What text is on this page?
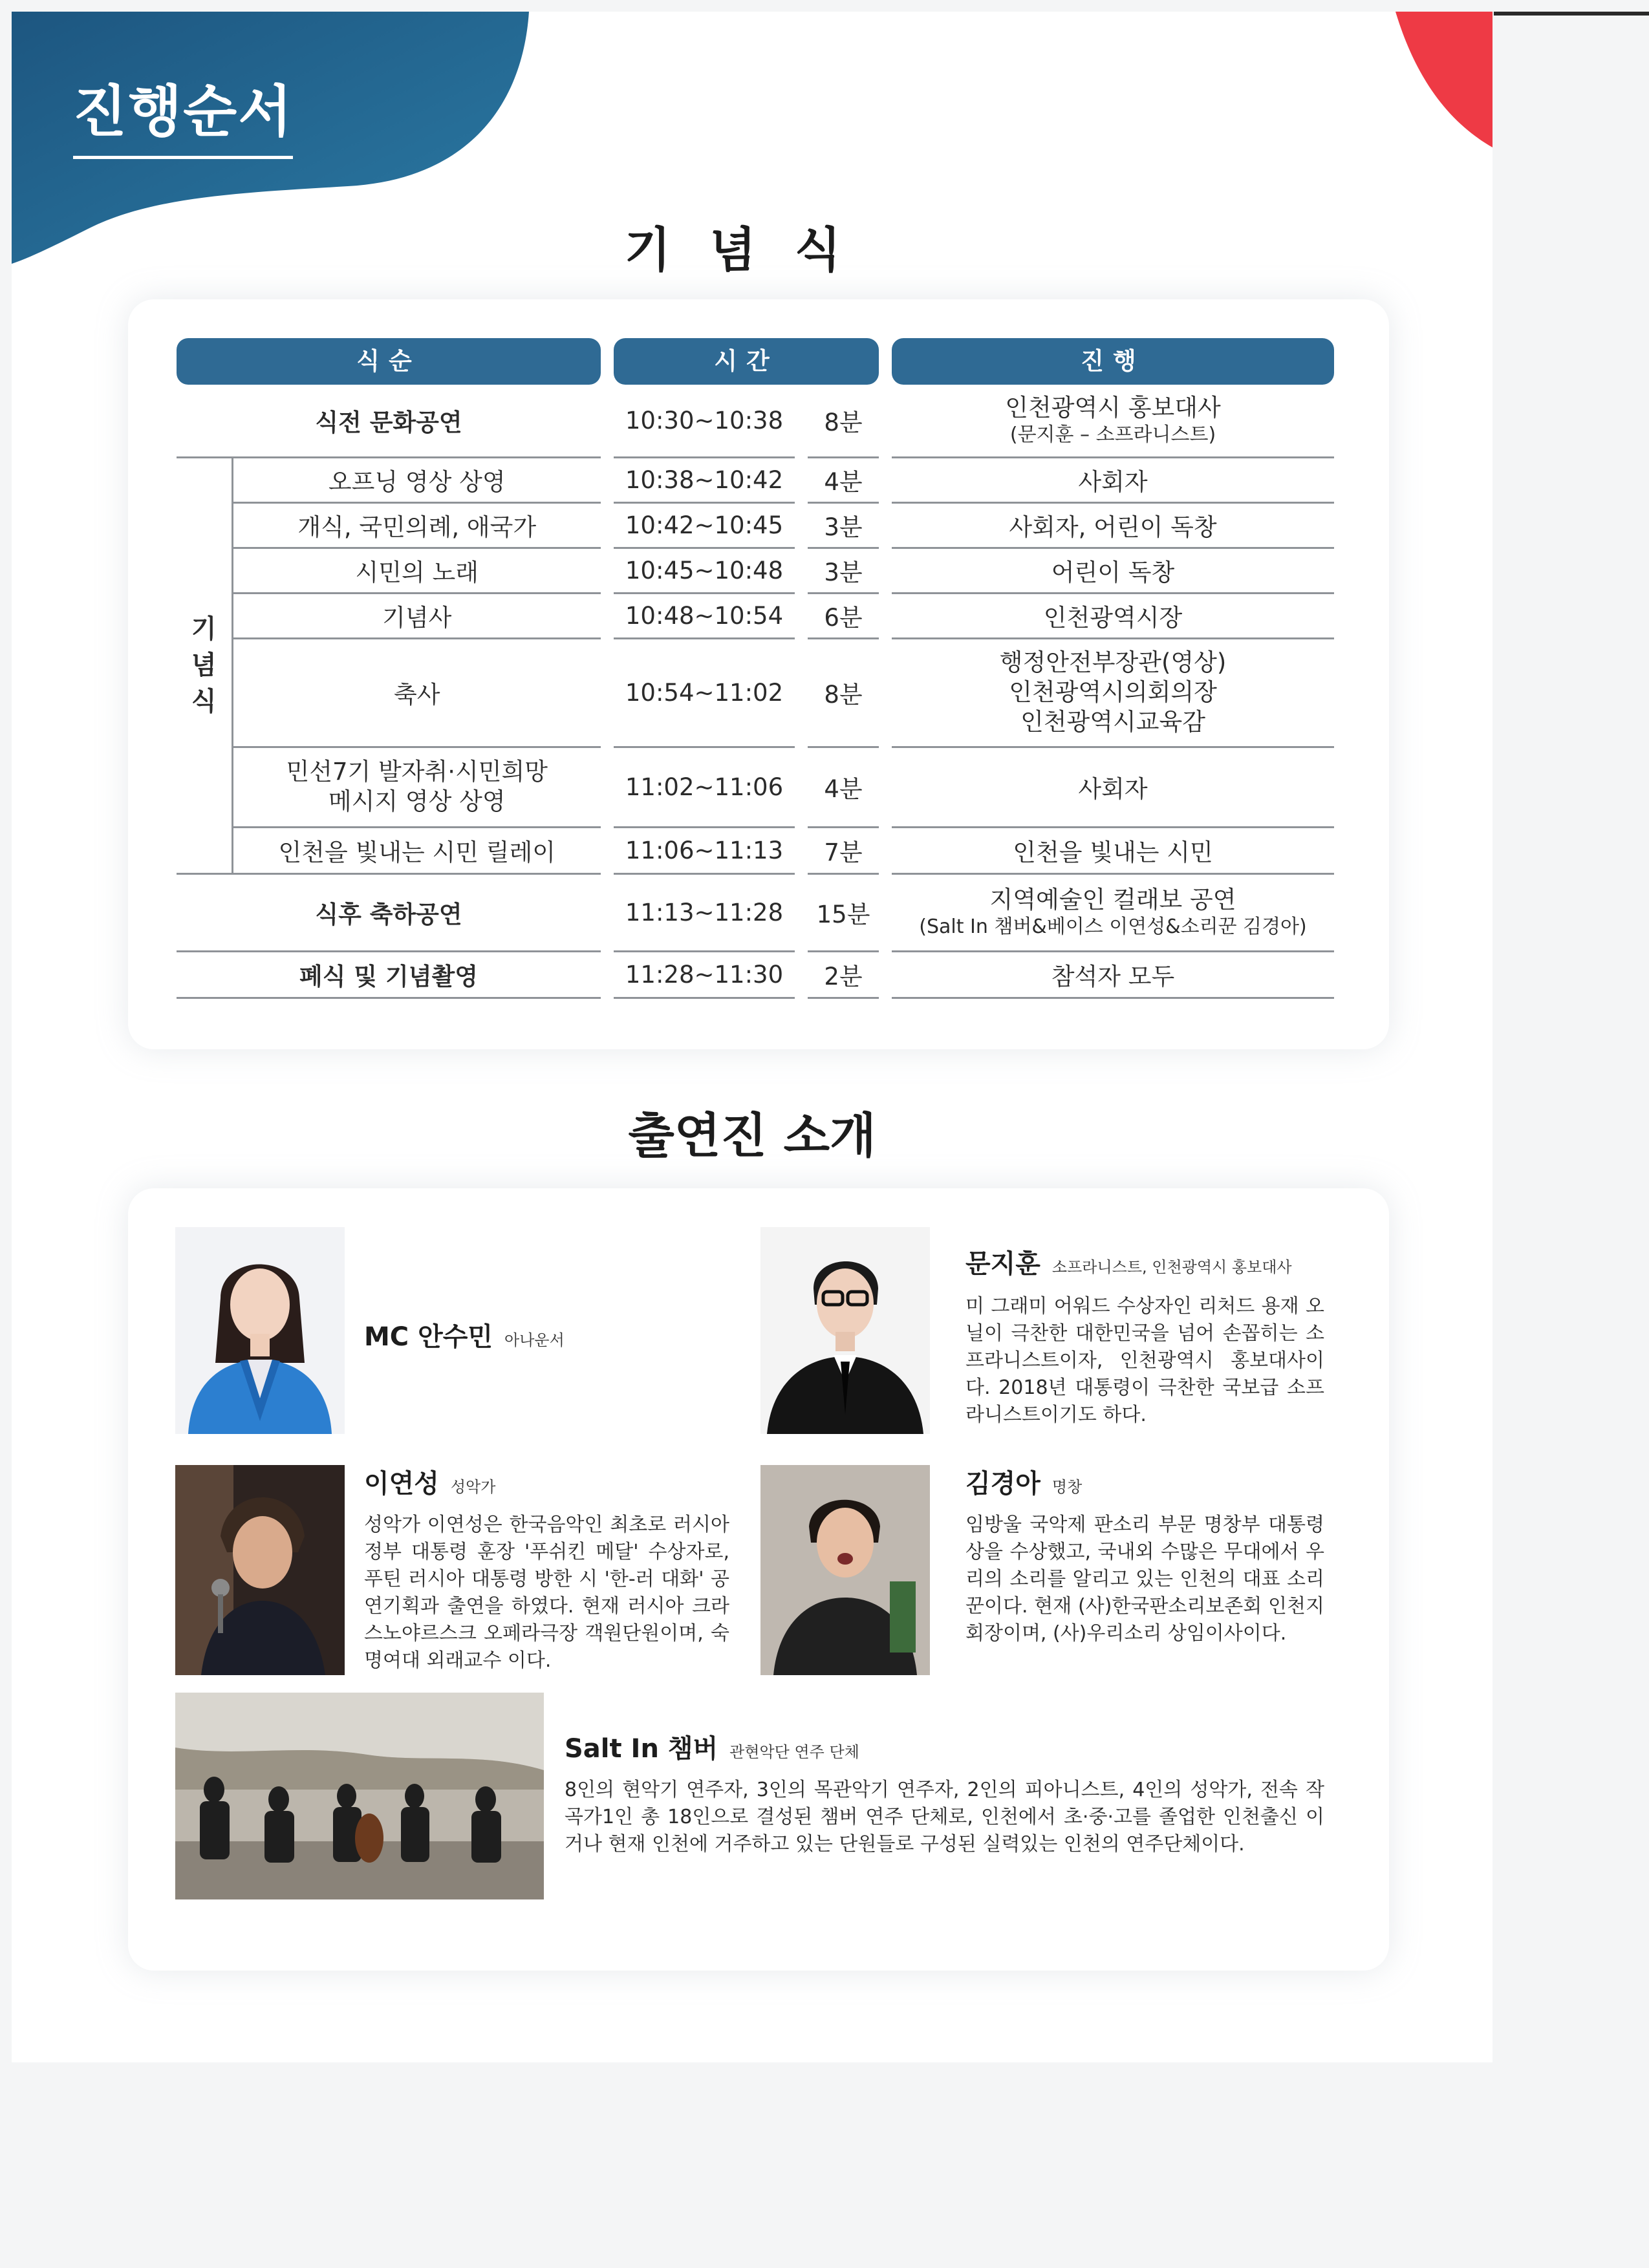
진행순서
기념식
식순			시간				진행

식전 문화공연			10:30~10:38		8분		인천광역시 홍보대사
(문지훈 – 소프라니스트)

기념식	오프닝 영상 상영		10:38~10:42		4분		사회자
	개식, 국민의례, 애국가		10:42~10:45		3분		사회자, 어린이 독창
	시민의 노래		10:45~10:48		3분		어린이 독창
	기념사		10:48~10:54		6분		인천광역시장
	축사		10:54~11:02		8분		행정안전부장관(영상)
인천광역시의회의장
인천광역시교육감

	민선7기 발자취·시민희망
메시지 영상 상영		11:02~11:06		4분		사회자
	인천을 빛내는 시민 릴레이		11:06~11:13		7분		인천을 빛내는 시민
식후 축하공연			11:13~11:28		15분		지역예술인 컬래보 공연
(Salt In 챔버&베이스 이연성&소리꾼 김경아)

폐식 및 기념촬영			11:28~11:30		2분		참석자 모두
출연진 소개
MC 안수민 아나운서
문지훈 소프라니스트, 인천광역시 홍보대사
미 그래미 어워드 수상자인 리처드 용재 오닐이 극찬한 대한민국을 넘어 손꼽히는 소프라니스트이자, 인천광역시 홍보대사이다. 2018년 대통령이 극찬한 국보급 소프라니스트이기도 하다.
이연성 성악가
성악가 이연성은 한국음악인 최초로 러시아 정부 대통령 훈장 '푸쉬킨 메달' 수상자로, 푸틴 러시아 대통령 방한 시 '한-러 대화' 공연기획과 출연을 하였다. 현재 러시아 크라스노야르스크 오페라극장 객원단원이며, 숙명여대 외래교수 이다.
김경아 명창
임방울 국악제 판소리 부문 명창부 대통령상을 수상했고, 국내외 수많은 무대에서 우리의 소리를 알리고 있는 인천의 대표 소리꾼이다. 현재 (사)한국판소리보존회 인천지회장이며, (사)우리소리 상임이사이다.
Salt In 챔버 관현악단 연주 단체
8인의 현악기 연주자, 3인의 목관악기 연주자, 2인의 피아니스트, 4인의 성악가, 전속 작곡가1인 총 18인으로 결성된 챔버 연주 단체로, 인천에서 초·중·고를 졸업한 인천출신 이거나 현재 인천에 거주하고 있는 단원들로 구성된 실력있는 인천의 연주단체이다.
